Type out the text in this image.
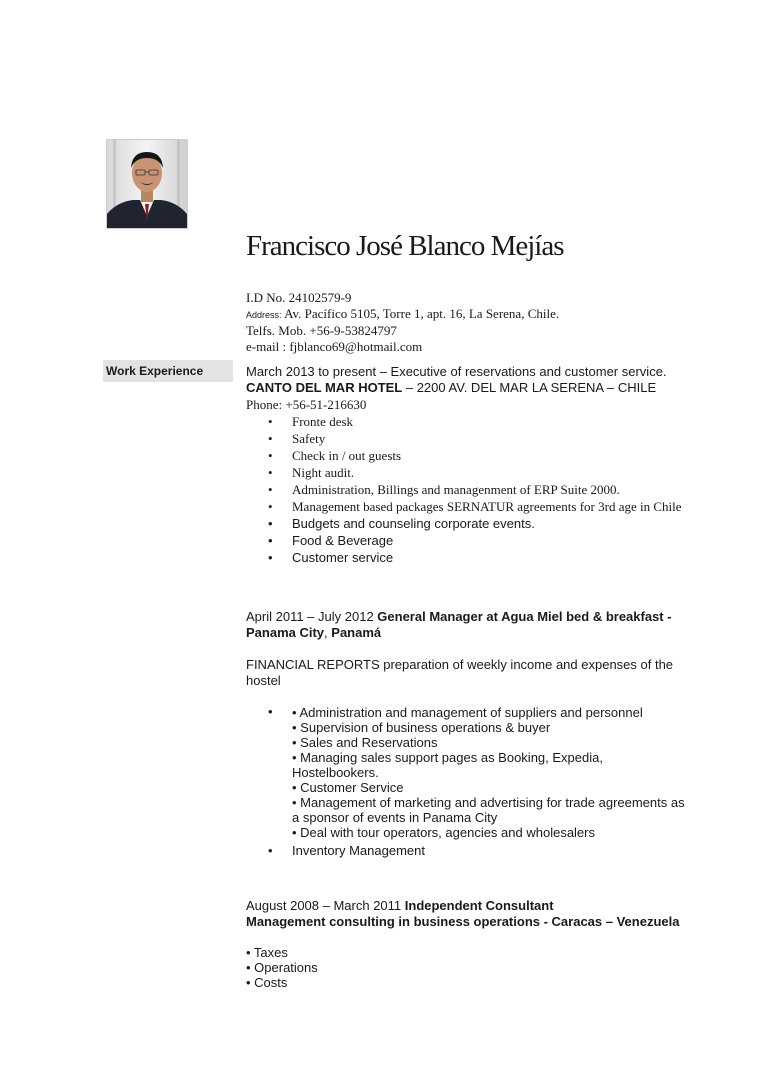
Francisco José Blanco Mejías
I.D No. 24102579-9
Address: Av. Pacífico 5105, Torre 1, apt. 16, La Serena, Chile.
Telfs. Mob. +56-9-53824797
e-mail : fjblanco69@hotmail.com
Work Experience	March 2013 to present – Executive of reservations and customer service.
CANTO DEL MAR HOTEL – 2200 AV. DEL MAR LA SERENA – CHILE
Phone: +56-51-216630
• Fronte desk
• Safety
• Check in / out guests
• Night audit.
• Administration, Billings and managenment of ERP Suite 2000.
• Management based packages SERNATUR agreements for 3rd age in Chile
• Budgets and counseling corporate events.
• Food & Beverage
• Customer service
April 2011 – July 2012 General Manager at Agua Miel bed & breakfast -
Panama City, Panamá
FINANCIAL REPORTS preparation of weekly income and expenses of the hostel
• • Administration and management of suppliers and personnel
• Supervision of business operations & buyer
• Sales and Reservations
• Managing sales support pages as Booking, Expedia, Hostelbookers.
• Customer Service
• Management of marketing and advertising for trade agreements as a sponsor of events in Panama City
• Deal with tour operators, agencies and wholesalers
•	Inventory Management
August 2008 – March 2011 Independent Consultant
Management consulting in business operations - Caracas – Venezuela
• Taxes
• Operations
• Costs
